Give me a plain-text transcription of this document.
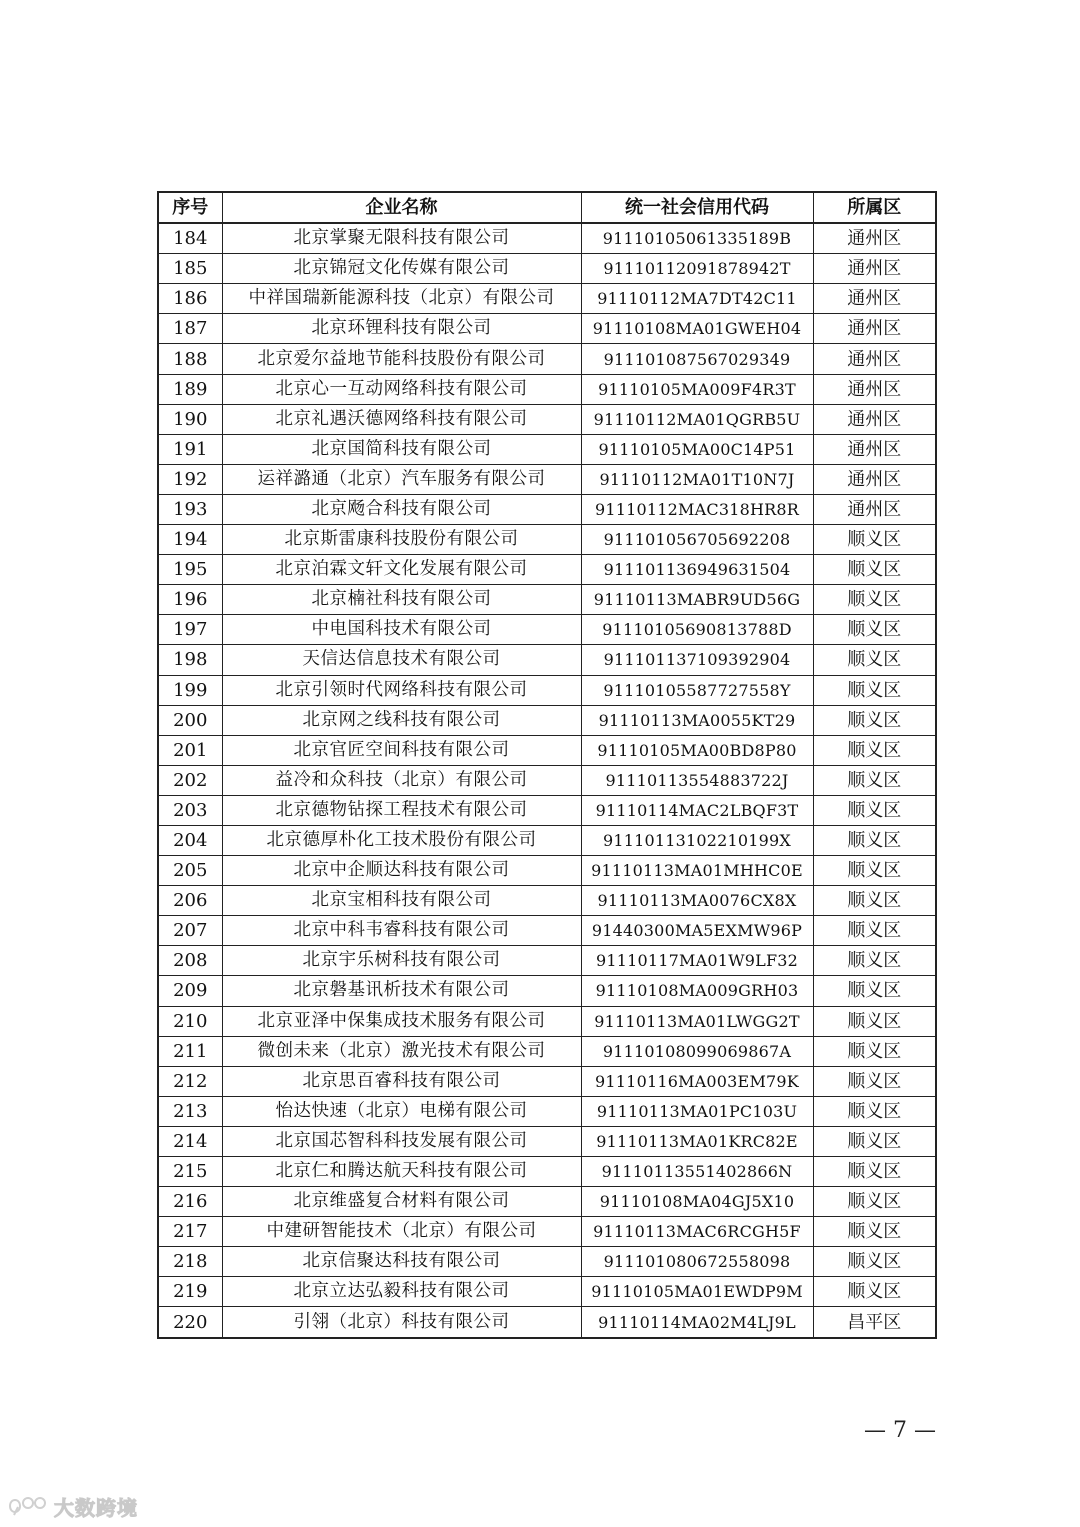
序号	企业名称	统一社会信用代码	所属区
184	北京掌聚无限科技有限公司	91110105061335189B	通州区
185	北京锦冠文化传媒有限公司	91110112091878942T	通州区
186	中祥国瑞新能源科技（北京）有限公司	91110112MA7DT42C11	通州区
187	北京环锂科技有限公司	91110108MA01GWEH04	通州区
188	北京爱尔益地节能科技股份有限公司	911101087567029349	通州区
189	北京心一互动网络科技有限公司	91110105MA009F4R3T	通州区
190	北京礼遇沃德网络科技有限公司	91110112MA01QGRB5U	通州区
191	北京国简科技有限公司	91110105MA00C14P51	通州区
192	运祥潞通（北京）汽车服务有限公司	91110112MA01T10N7J	通州区
193	北京飏合科技有限公司	91110112MAC318HR8R	通州区
194	北京斯雷康科技股份有限公司	911101056705692208	顺义区
195	北京泊霖文轩文化发展有限公司	911101136949631504	顺义区
196	北京楠社科技有限公司	91110113MABR9UD56G	顺义区
197	中电国科技术有限公司	91110105690813788D	顺义区
198	天信达信息技术有限公司	911101137109392904	顺义区
199	北京引领时代网络科技有限公司	91110105587727558Y	顺义区
200	北京网之线科技有限公司	91110113MA0055KT29	顺义区
201	北京官匠空间科技有限公司	91110105MA00BD8P80	顺义区
202	益冷和众科技（北京）有限公司	91110113554883722J	顺义区
203	北京德物钻探工程技术有限公司	91110114MAC2LBQF3T	顺义区
204	北京德厚朴化工技术股份有限公司	91110113102210199X	顺义区
205	北京中企顺达科技有限公司	91110113MA01MHHC0E	顺义区
206	北京宝相科技有限公司	91110113MA0076CX8X	顺义区
207	北京中科韦睿科技有限公司	91440300MA5EXMW96P	顺义区
208	北京宇乐树科技有限公司	91110117MA01W9LF32	顺义区
209	北京磐基讯析技术有限公司	91110108MA009GRH03	顺义区
210	北京亚泽中保集成技术服务有限公司	91110113MA01LWGG2T	顺义区
211	微创未来（北京）激光技术有限公司	91110108099069867A	顺义区
212	北京思百睿科技有限公司	91110116MA003EM79K	顺义区
213	怡达快速（北京）电梯有限公司	91110113MA01PC103U	顺义区
214	北京国芯智科科技发展有限公司	91110113MA01KRC82E	顺义区
215	北京仁和腾达航天科技有限公司	91110113551402866N	顺义区
216	北京维盛复合材料有限公司	91110108MA04GJ5X10	顺义区
217	中建研智能技术（北京）有限公司	91110113MAC6RCGH5F	顺义区
218	北京信聚达科技有限公司	911101080672558098	顺义区
219	北京立达弘毅科技有限公司	91110105MA01EWDP9M	顺义区
220	引翎（北京）科技有限公司	91110114MA02M4LJ9L	昌平区
— 7 —
大数跨境
